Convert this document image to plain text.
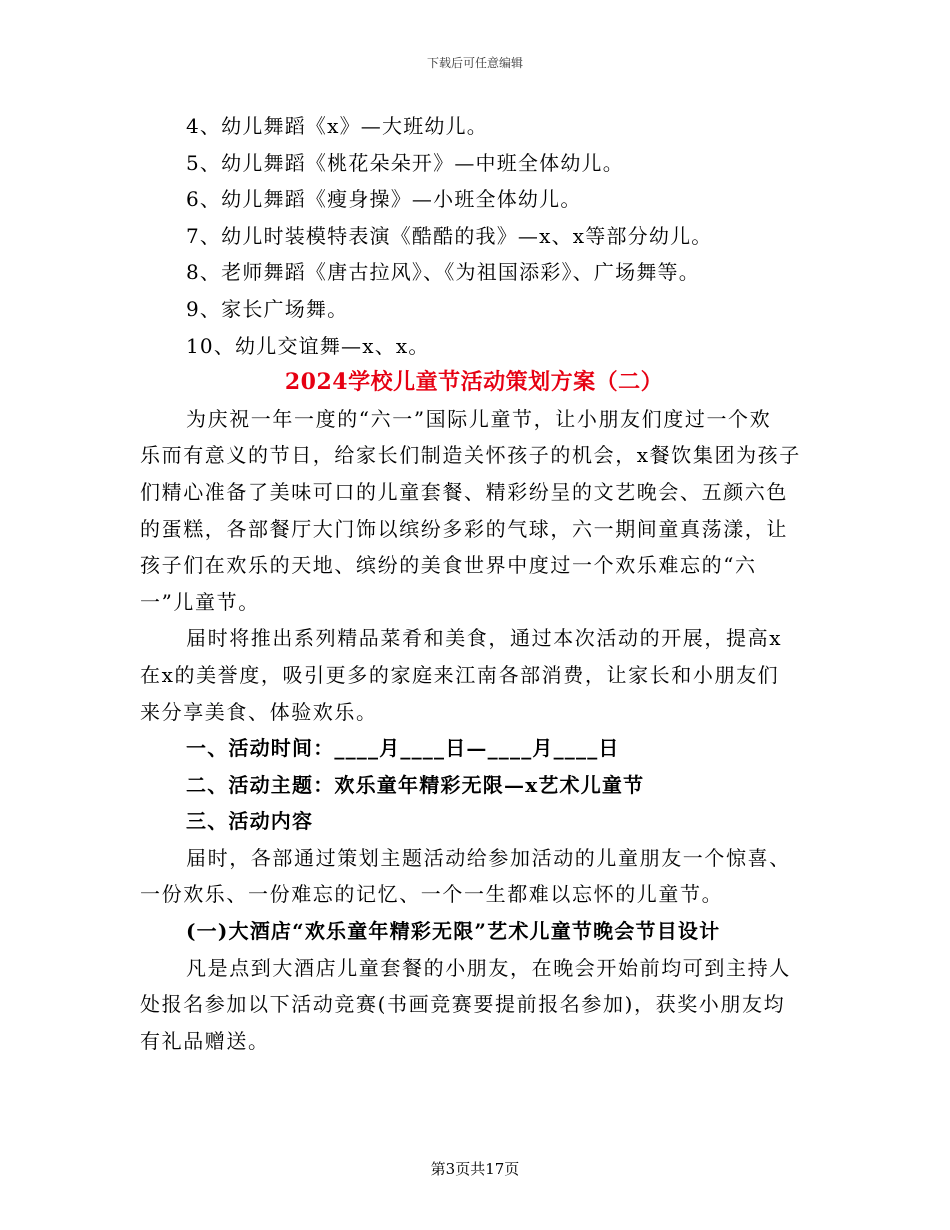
下载后可任意编辑
4、幼儿舞蹈《x》—大班幼儿。
5、幼儿舞蹈《桃花朵朵开》—中班全体幼儿。
6、幼儿舞蹈《瘦身操》—小班全体幼儿。
7、幼儿时装模特表演《酷酷的我》—x、x等部分幼儿。
8、老师舞蹈《唐古拉风》、《为祖国添彩》、广场舞等。
9、家长广场舞。
10、幼儿交谊舞—x、x。
2024学校儿童节活动策划方案（二）
为庆祝一年一度的“六一”国际儿童节，让小朋友们度过一个欢
乐而有意义的节日，给家长们制造关怀孩子的机会，x餐饮集团为孩子
们精心准备了美味可口的儿童套餐、精彩纷呈的文艺晚会、五颜六色
的蛋糕，各部餐厅大门饰以缤纷多彩的气球，六一期间童真荡漾，让
孩子们在欢乐的天地、缤纷的美食世界中度过一个欢乐难忘的“六
一”儿童节。
届时将推出系列精品菜肴和美食，通过本次活动的开展，提高x
在x的美誉度，吸引更多的家庭来江南各部消费，让家长和小朋友们
来分享美食、体验欢乐。
一、活动时间：____月____日—____月____日
二、活动主题：欢乐童年精彩无限—x艺术儿童节
三、活动内容
届时，各部通过策划主题活动给参加活动的儿童朋友一个惊喜、
一份欢乐、一份难忘的记忆、一个一生都难以忘怀的儿童节。
(一)大酒店“欢乐童年精彩无限”艺术儿童节晚会节目设计
凡是点到大酒店儿童套餐的小朋友，在晚会开始前均可到主持人
处报名参加以下活动竞赛(书画竞赛要提前报名参加)，获奖小朋友均
有礼品赠送。
第3页共17页
